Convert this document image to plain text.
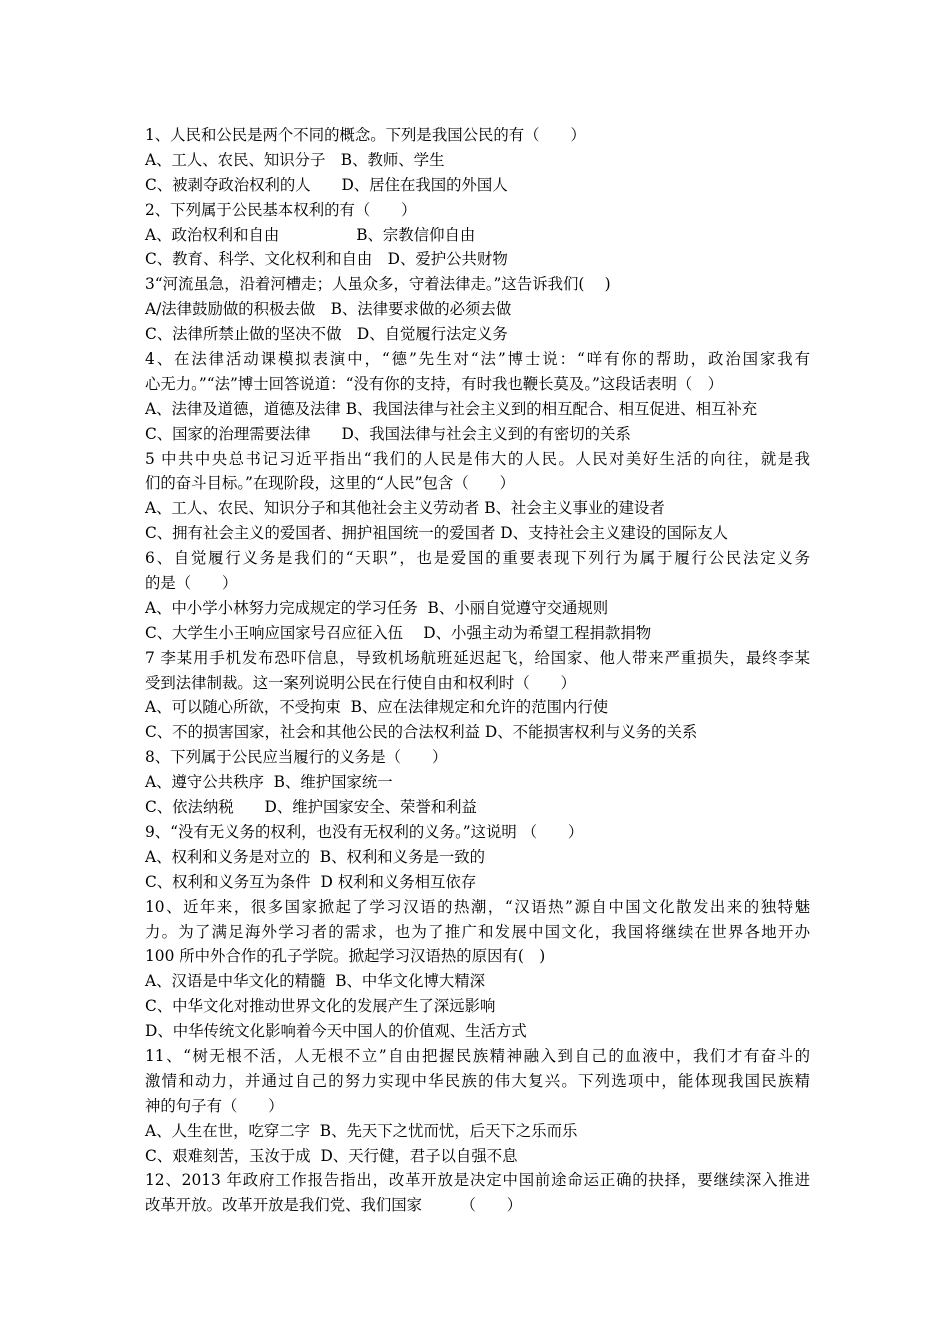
1、人民和公民是两个不同的概念。下列是我国公民的有（　　）
A、工人、农民、知识分子　B、教师、学生
C、被剥夺政治权利的人　　D、居住在我国的外国人
2、下列属于公民基本权利的有（　　）
A、政治权利和自由　　　　　B、宗教信仰自由
C、教育、科学、文化权利和自由　D、爱护公共财物
3“河流虽急，沿着河槽走；人虽众多，守着法律走。”这告诉我们(　 )
A/法律鼓励做的积极去做　B、法律要求做的必须去做
C、法律所禁止做的坚决不做　D、自觉履行法定义务
4、在法律活动课模拟表演中，“德”先生对“法”博士说：“咩有你的帮助，政治国家我有
心无力。”“法”博士回答说道：“没有你的支持，有时我也鞭长莫及。”这段话表明（　）
A、法律及道德，道德及法律 B、我国法律与社会主义到的相互配合、相互促进、相互补充
C、国家的治理需要法律　　D、我国法律与社会主义到的有密切的关系
5 中共中央总书记习近平指出“我们的人民是伟大的人民。人民对美好生活的向往，就是我
们的奋斗目标。”在现阶段，这里的“人民”包含（　　）
A、工人、农民、知识分子和其他社会主义劳动者 B、社会主义事业的建设者
C、拥有社会主义的爱国者、拥护祖国统一的爱国者 D、支持社会主义建设的国际友人
6、自觉履行义务是我们的“天职”，也是爱国的重要表现下列行为属于履行公民法定义务
的是（　　）
A、中小学小林努力完成规定的学习任务  B、小丽自觉遵守交通规则
C、大学生小王响应国家号召应征入伍　 D、小强主动为希望工程捐款捐物
7 李某用手机发布恐吓信息，导致机场航班延迟起飞，给国家、他人带来严重损失，最终李某
受到法律制裁。这一案列说明公民在行使自由和权利时（　　）
A、可以随心所欲，不受拘束  B、应在法律规定和允许的范围内行使
C、不的损害国家，社会和其他公民的合法权利益 D、不能损害权利与义务的关系
8、下列属于公民应当履行的义务是（　　）
A、遵守公共秩序  B、维护国家统一
C、依法纳税　　D、维护国家安全、荣誉和利益
9、“没有无义务的权利，也没有无权利的义务。”这说明 （　　）
A、权利和义务是对立的  B、权利和义务是一致的
C、权利和义务互为条件  D 权利和义务相互依存
10、近年来，很多国家掀起了学习汉语的热潮，“汉语热”源自中国文化散发出来的独特魅
力。为了满足海外学习者的需求，也为了推广和发展中国文化，我国将继续在世界各地开办
100 所中外合作的孔子学院。掀起学习汉语热的原因有(　)
A、汉语是中华文化的精髓  B、中华文化博大精深
C、中华文化对推动世界文化的发展产生了深远影响
D、中华传统文化影响着今天中国人的价值观、生活方式
11、“树无根不活，人无根不立”自由把握民族精神融入到自己的血液中，我们才有奋斗的
激情和动力，并通过自己的努力实现中华民族的伟大复兴。下列选项中，能体现我国民族精
神的句子有（　　）
A、人生在世，吃穿二字  B、先天下之忧而忧，后天下之乐而乐
C、艰难刻苦，玉汝于成  D、天行健，君子以自强不息
12、2013 年政府工作报告指出，改革开放是决定中国前途命运正确的抉择，要继续深入推进
改革开放。改革开放是我们党、我们国家　　　（　　）
